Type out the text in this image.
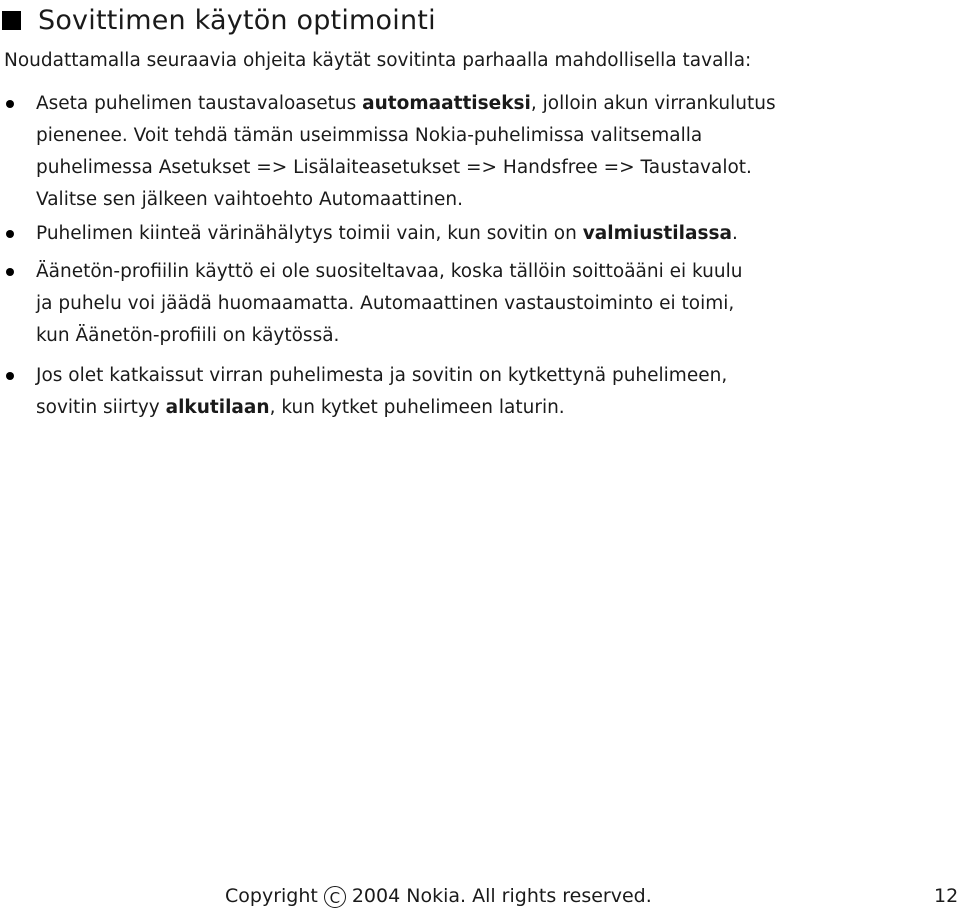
Sovittimen käytön optimointi
Noudattamalla seuraavia ohjeita käytät sovitinta parhaalla mahdollisella tavalla:
Aseta puhelimen taustavaloasetus automaattiseksi, jolloin akun virrankulutus
pienenee. Voit tehdä tämän useimmissa Nokia-puhelimissa valitsemalla
puhelimessa Asetukset => Lisälaiteasetukset => Handsfree => Taustavalot.
Valitse sen jälkeen vaihtoehto Automaattinen.
Puhelimen kiinteä värinähälytys toimii vain, kun sovitin on valmiustilassa.
Äänetön-profiilin käyttö ei ole suositeltavaa, koska tällöin soittoääni ei kuulu
ja puhelu voi jäädä huomaamatta. Automaattinen vastaustoiminto ei toimi,
kun Äänetön-profiili on käytössä.
Jos olet katkaissut virran puhelimesta ja sovitin on kytkettynä puhelimeen,
sovitin siirtyy alkutilaan, kun kytket puhelimeen laturin.
Copyright C 2004 Nokia. All rights reserved.	12
